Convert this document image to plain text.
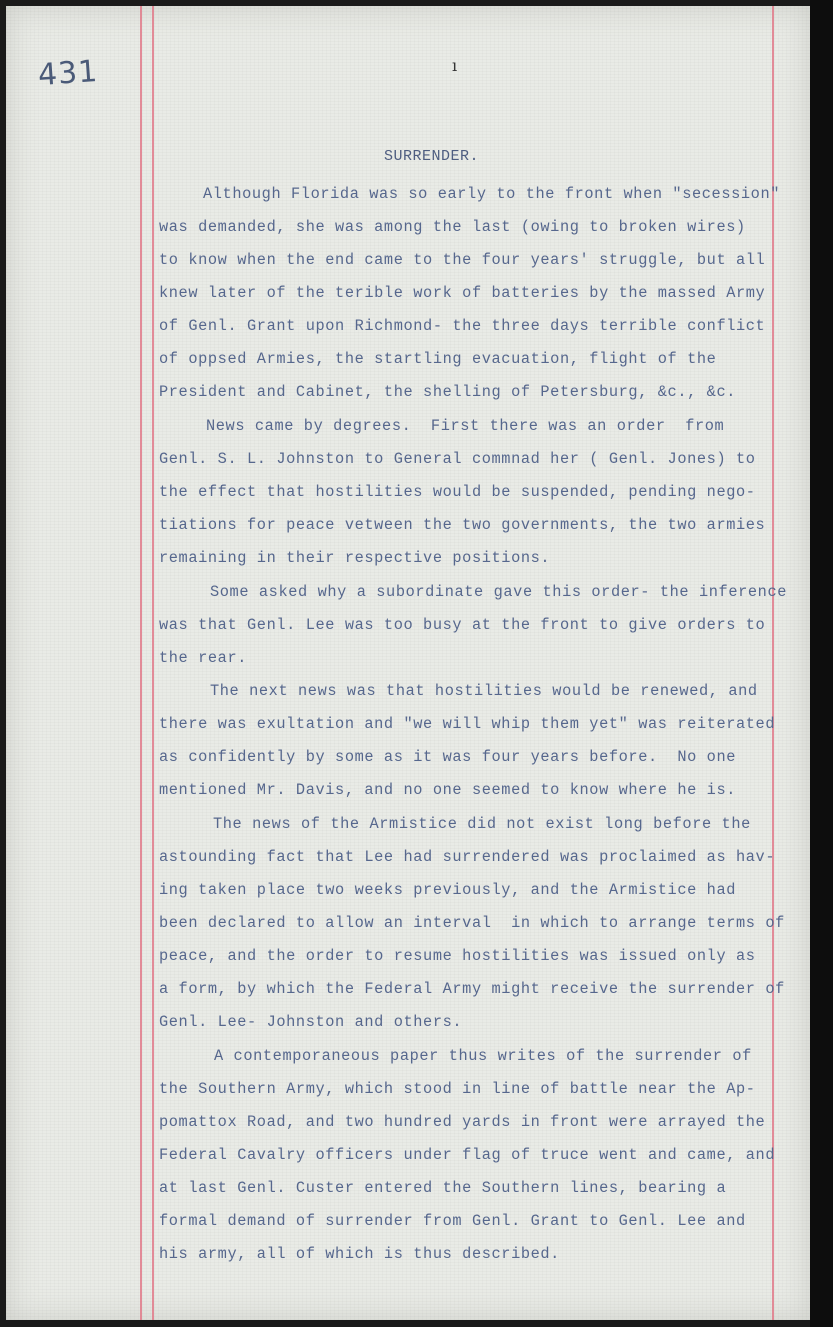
431	ı
SURRENDER.
Although Florida was so early to the front when "secession"
was demanded, she was among the last (owing to broken wires)
to know when the end came to the four years' struggle, but all
knew later of the terible work of batteries by the massed Army
of Genl. Grant upon Richmond- the three days terrible conflict
of oppsed Armies, the startling evacuation, flight of the
President and Cabinet, the shelling of Petersburg, &c., &c.
News came by degrees.  First there was an order  from
Genl. S. L. Johnston to General commnad her ( Genl. Jones) to
the effect that hostilities would be suspended, pending nego-
tiations for peace vetween the two governments, the two armies
remaining in their respective positions.
Some asked why a subordinate gave this order- the inference
was that Genl. Lee was too busy at the front to give orders to
the rear.
The next news was that hostilities would be renewed, and
there was exultation and "we will whip them yet" was reiterated
as confidently by some as it was four years before.  No one
mentioned Mr. Davis, and no one seemed to know where he is.
The news of the Armistice did not exist long before the
astounding fact that Lee had surrendered was proclaimed as hav-
ing taken place two weeks previously, and the Armistice had
been declared to allow an interval  in which to arrange terms of
peace, and the order to resume hostilities was issued only as
a form, by which the Federal Army might receive the surrender of
Genl. Lee- Johnston and others.
A contemporaneous paper thus writes of the surrender of
the Southern Army, which stood in line of battle near the Ap-
pomattox Road, and two hundred yards in front were arrayed the
Federal Cavalry officers under flag of truce went and came, and
at last Genl. Custer entered the Southern lines, bearing a
formal demand of surrender from Genl. Grant to Genl. Lee and
his army, all of which is thus described.
